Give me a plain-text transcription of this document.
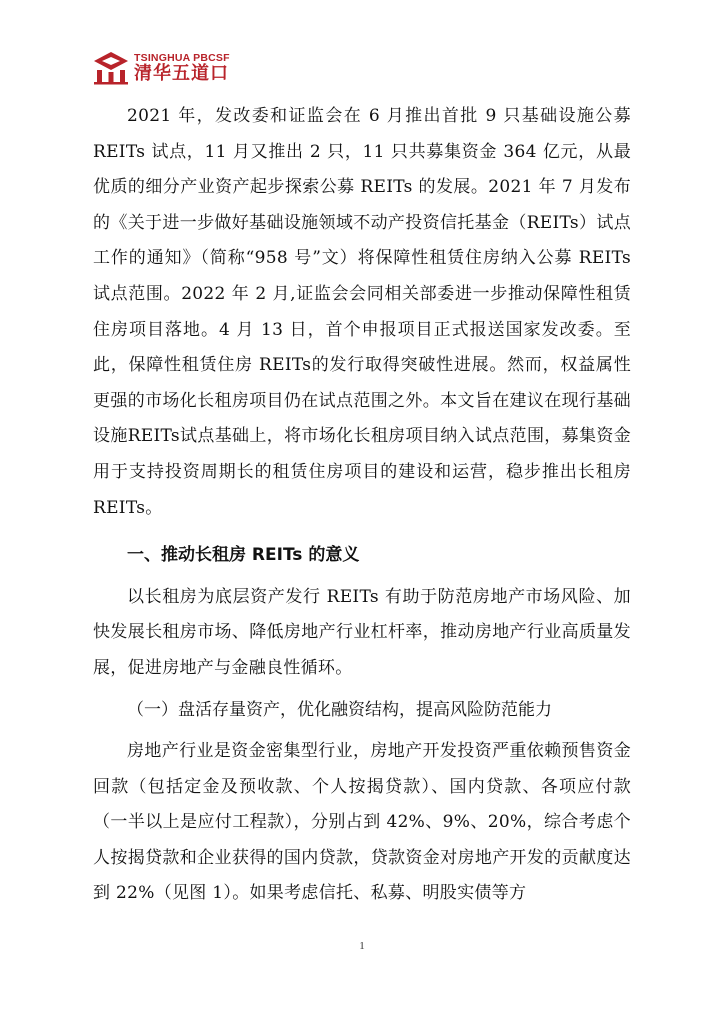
TSINGHUA PBCSF
清华五道口

2021 年，发改委和证监会在 6 月推出首批 9 只基础设施公募 REITs 试点，11 月又推出 2 只，11 只共募集资金 364 亿元，从最优质的细分产业资产起步探索公募 REITs 的发展。2021 年 7 月发布的《关于进一步做好基础设施领域不动产投资信托基金（REITs）试点工作的通知》（简称“958 号”文）将保障性租赁住房纳入公募 REITs 试点范围。2022 年 2 月,证监会会同相关部委进一步推动保障性租赁住房项目落地。4 月 13 日，首个申报项目正式报送国家发改委。至此，保障性租赁住房 REITs的发行取得突破性进展。然而，权益属性更强的市场化长租房项目仍在试点范围之外。本文旨在建议在现行基础设施REITs试点基础上，将市场化长租房项目纳入试点范围，募集资金用于支持投资周期长的租赁住房项目的建设和运营，稳步推出长租房 REITs。

一、推动长租房 REITs 的意义

以长租房为底层资产发行 REITs 有助于防范房地产市场风险、加快发展长租房市场、降低房地产行业杠杆率，推动房地产行业高质量发展，促进房地产与金融良性循环。

（一）盘活存量资产，优化融资结构，提高风险防范能力

房地产行业是资金密集型行业，房地产开发投资严重依赖预售资金回款（包括定金及预收款、个人按揭贷款）、国内贷款、各项应付款（一半以上是应付工程款），分别占到 42%、9%、20%，综合考虑个人按揭贷款和企业获得的国内贷款，贷款资金对房地产开发的贡献度达到 22%（见图 1）。如果考虑信托、私募、明股实债等方

1
